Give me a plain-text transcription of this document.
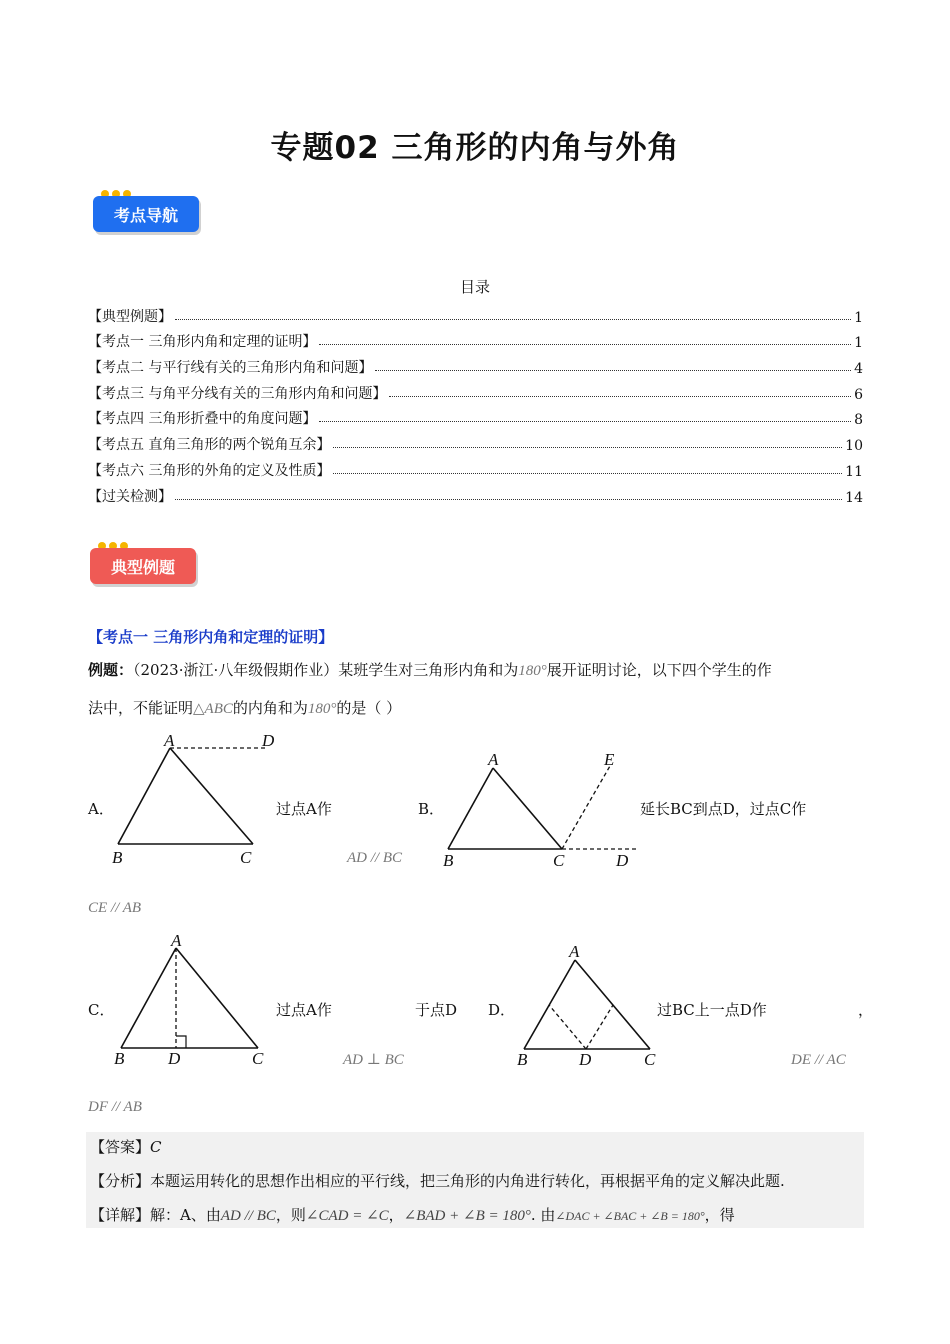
专题02 三角形的内角与外角
考点导航
目录
【典型例题】	1
【考点一 三角形内角和定理的证明】	1
【考点二 与平行线有关的三角形内角和问题】	4
【考点三 与角平分线有关的三角形内角和问题】	6
【考点四 三角形折叠中的角度问题】	8
【考点五 直角三角形的两个锐角互余】	10
【考点六 三角形的外角的定义及性质】	11
【过关检测】	14
典型例题
【考点一 三角形内角和定理的证明】
例题：（2023·浙江·八年级假期作业）某班学生对三角形内角和为180°展开证明讨论，以下四个学生的作
法中，不能证明△ABC的内角和为180°的是（ ）
A．
A	D
B	C
过点A作
AD // BC
B．
A	E
B	C	D
延长BC到点D，过点C作
CE // AB
C．
A
B	D	C
过点A作	于点D
AD ⊥ BC
D．
A
B	D	C
过BC上一点D作	，
DE // AC
DF // AB
【答案】C
【分析】本题运用转化的思想作出相应的平行线，把三角形的内角进行转化，再根据平角的定义解决此题.
【详解】解：A、由AD // BC，则∠CAD = ∠C，∠BAD + ∠B = 180°. 由∠DAC + ∠BAC + ∠B = 180°，得
